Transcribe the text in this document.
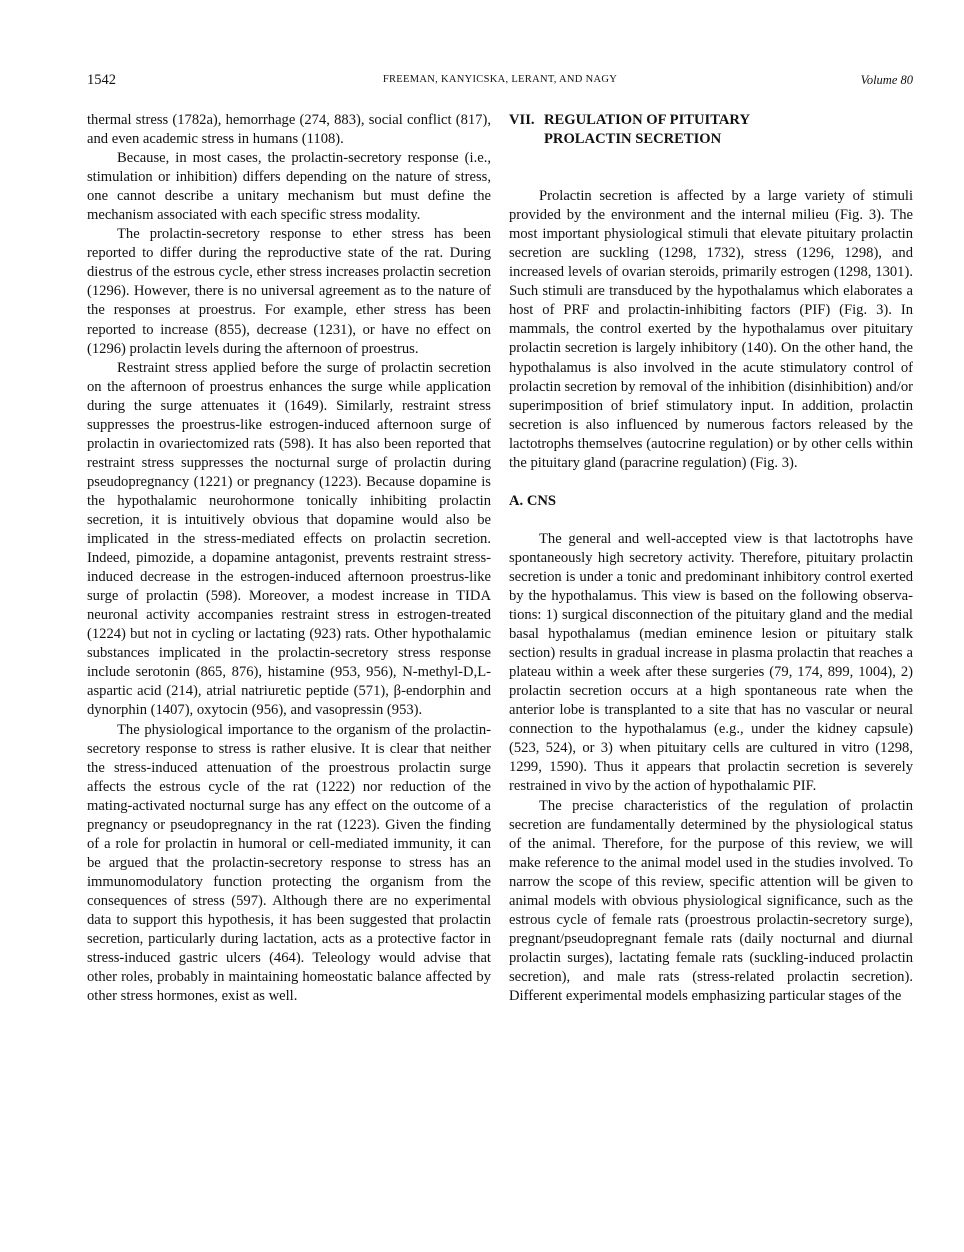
1542	FREEMAN, KANYICSKA, LERANT, AND NAGY	Volume 80

thermal stress (1782a), hemorrhage (274, 883), social conflict (817), and even academic stress in humans (1108).

Because, in most cases, the prolactin-secretory response (i.e., stimulation or inhibition) differs depending on the nature of stress, one cannot describe a unitary mechanism but must define the mechanism associated with each specific stress modality.

The prolactin-secretory response to ether stress has been reported to differ during the reproductive state of the rat. During diestrus of the estrous cycle, ether stress increases prolactin secretion (1296). However, there is no universal agreement as to the nature of the responses at proestrus. For example, ether stress has been reported to increase (855), decrease (1231), or have no effect on (1296) prolactin levels during the afternoon of proestrus.

Restraint stress applied before the surge of prolactin secretion on the afternoon of proestrus enhances the surge while application during the surge attenuates it (1649). Similarly, restraint stress suppresses the proestrus-like estrogen-induced afternoon surge of prolactin in ovariectomized rats (598). It has also been reported that restraint stress suppresses the nocturnal surge of prolactin during pseudopregnancy (1221) or pregnancy (1223). Because dopamine is the hypothalamic neurohormone tonically inhibiting prolactin secretion, it is intuitively obvious that dopamine would also be implicated in the stress-mediated effects on prolactin secretion. Indeed, pimozide, a dopamine antagonist, prevents restraint stress-induced decrease in the estrogen-induced afternoon proestrus-like surge of prolactin (598). Moreover, a modest increase in TIDA neuronal activity accompanies restraint stress in estrogen-treated (1224) but not in cycling or lactating (923) rats. Other hypothalamic substances implicated in the prolactin-secretory stress response include serotonin (865, 876), histamine (953, 956), N-methyl-D,L-aspartic acid (214), atrial natriuretic peptide (571), β-endorphin and dynorphin (1407), oxytocin (956), and vasopressin (953).

The physiological importance to the organism of the prolactin-secretory response to stress is rather elusive. It is clear that neither the stress-induced attenuation of the proestrous prolactin surge affects the estrous cycle of the rat (1222) nor reduction of the mating-activated nocturnal surge has any effect on the outcome of a pregnancy or pseudopregnancy in the rat (1223). Given the finding of a role for prolactin in humoral or cell-mediated immunity, it can be argued that the prolactin-secretory response to stress has an immunomodulatory function protecting the organism from the consequences of stress (597). Although there are no experimental data to support this hypothesis, it has been suggested that prolactin secretion, particularly during lactation, acts as a protective factor in stress-induced gastric ulcers (464). Teleology would advise that other roles, probably in maintaining homeostatic balance affected by other stress hormones, exist as well.

VII. REGULATION OF PITUITARY
PROLACTIN SECRETION

Prolactin secretion is affected by a large variety of stimuli provided by the environment and the internal milieu (Fig. 3). The most important physiological stimuli that elevate pituitary prolactin secretion are suckling (1298, 1732), stress (1296, 1298), and increased levels of ovarian steroids, primarily estrogen (1298, 1301). Such stimuli are transduced by the hypothalamus which elaborates a host of PRF and prolactin-inhibiting factors (PIF) (Fig. 3). In mammals, the control exerted by the hypothalamus over pituitary prolactin secretion is largely inhibitory (140). On the other hand, the hypothalamus is also involved in the acute stimulatory control of prolactin secretion by removal of the inhibition (disinhibition) and/or superimposition of brief stimulatory input. In addition, prolactin secretion is also influenced by numerous factors released by the lactotrophs themselves (autocrine regulation) or by other cells within the pituitary gland (paracrine regulation) (Fig. 3).

A. CNS

The general and well-accepted view is that lactotrophs have spontaneously high secretory activity. Therefore, pituitary prolactin secretion is under a tonic and predominant inhibitory control exerted by the hypothalamus. This view is based on the following observations: 1) surgical disconnection of the pituitary gland and the medial basal hypothalamus (median eminence lesion or pituitary stalk section) results in gradual increase in plasma prolactin that reaches a plateau within a week after these surgeries (79, 174, 899, 1004), 2) prolactin secretion occurs at a high spontaneous rate when the anterior lobe is transplanted to a site that has no vascular or neural connection to the hypothalamus (e.g., under the kidney capsule) (523, 524), or 3) when pituitary cells are cultured in vitro (1298, 1299, 1590). Thus it appears that prolactin secretion is severely restrained in vivo by the action of hypothalamic PIF.

The precise characteristics of the regulation of prolactin secretion are fundamentally determined by the physiological status of the animal. Therefore, for the purpose of this review, we will make reference to the animal model used in the studies involved. To narrow the scope of this review, specific attention will be given to animal models with obvious physiological significance, such as the estrous cycle of female rats (proestrous prolactin-secretory surge), pregnant/pseudopregnant female rats (daily nocturnal and diurnal prolactin surges), lactating female rats (suckling-induced prolactin secretion), and male rats (stress-related prolactin secretion). Different experimental models emphasizing particular stages of the
